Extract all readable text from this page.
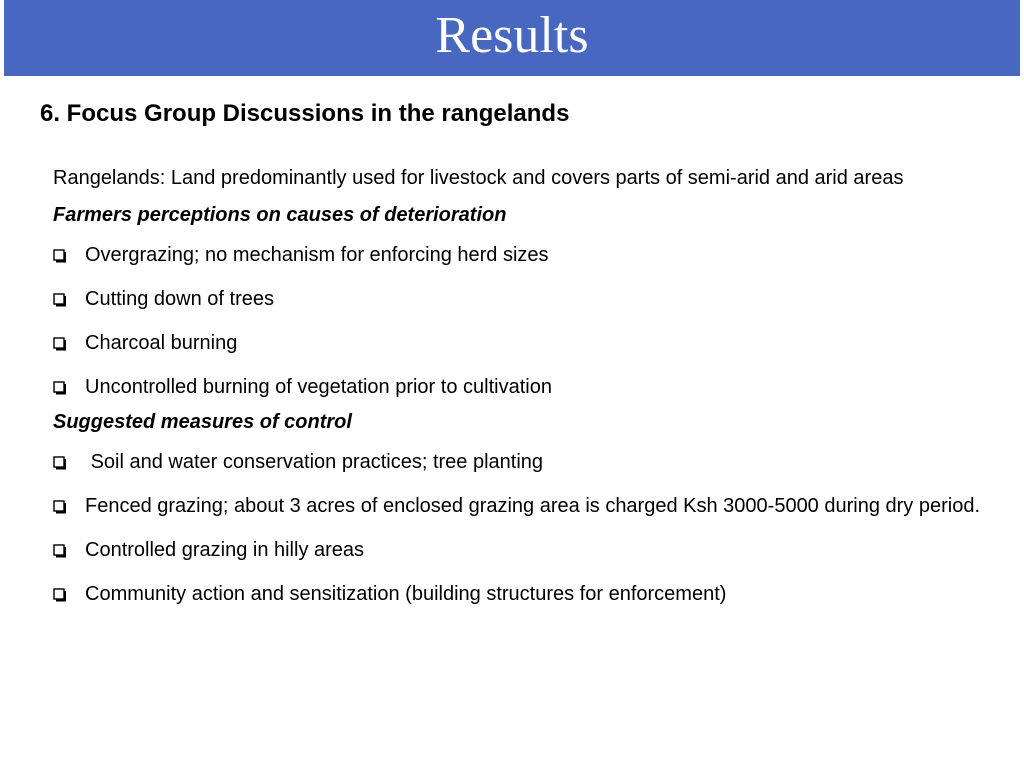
Results
6. Focus Group Discussions in the rangelands
Rangelands: Land predominantly used for livestock and covers parts of semi-arid and arid areas
Farmers perceptions on causes of deterioration
Overgrazing; no mechanism for enforcing herd sizes
Cutting down of trees
Charcoal burning
Uncontrolled burning of vegetation prior to cultivation
Suggested measures of control
Soil and water conservation practices; tree planting
Fenced grazing; about 3 acres of enclosed grazing area is charged Ksh 3000-5000 during dry period.
Controlled grazing in hilly areas
Community action and sensitization (building structures for enforcement)
